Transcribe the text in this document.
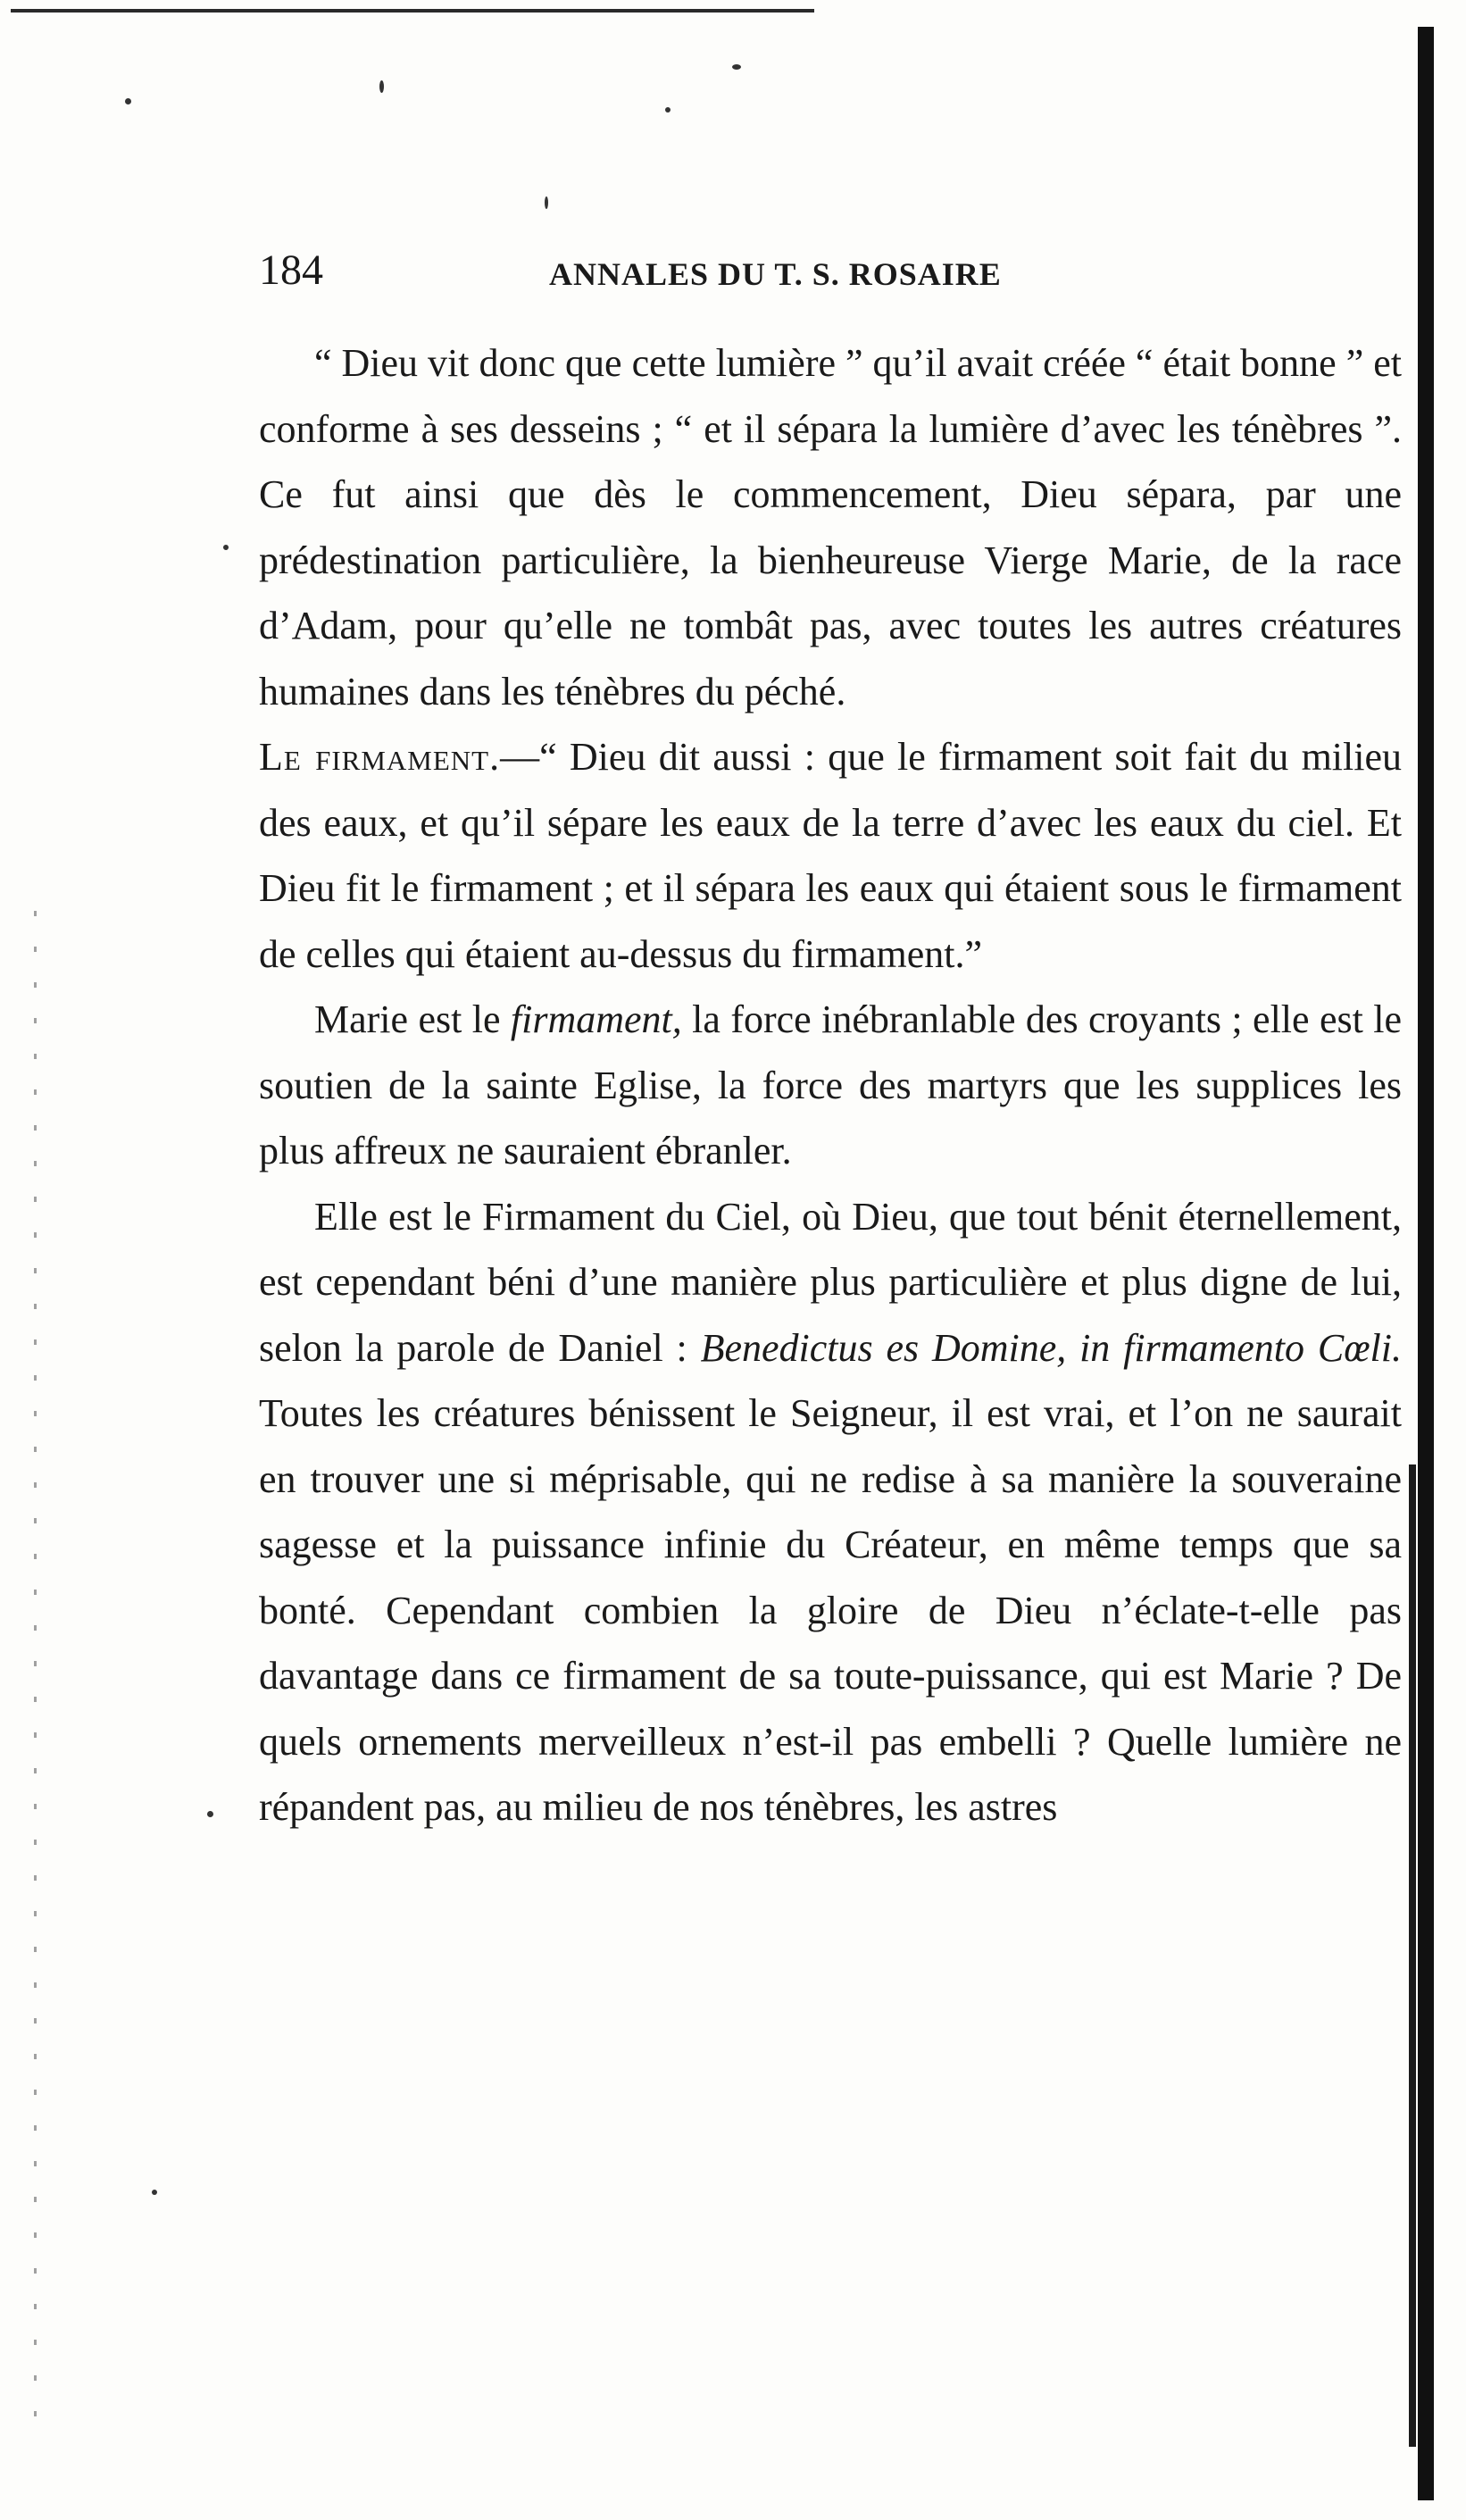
184	ANNALES DU T. S. ROSAIRE

“ Dieu vit donc que cette lumière ” qu’il avait créée “ était bonne ” et conforme à ses desseins ; “ et il sépara la lumière d’avec les ténèbres ”. Ce fut ainsi que dès le commencement, Dieu sépara, par une prédestination particulière, la bienheureuse Vierge Marie, de la race d’Adam, pour qu’elle ne tombât pas, avec toutes les autres créatures humaines dans les ténèbres du péché.

Le firmament.—“ Dieu dit aussi : que le firmament soit fait du milieu des eaux, et qu’il sépare les eaux de la terre d’avec les eaux du ciel. Et Dieu fit le firmament ; et il sépara les eaux qui étaient sous le firmament de celles qui étaient au-dessus du firmament.”

Marie est le firmament, la force inébranlable des croyants ; elle est le soutien de la sainte Eglise, la force des martyrs que les supplices les plus affreux ne sauraient ébranler.

Elle est le Firmament du Ciel, où Dieu, que tout bénit éternellement, est cependant béni d’une manière plus particulière et plus digne de lui, selon la parole de Daniel : Benedictus es Domine, in firmamento Cœli. Toutes les créatures bénissent le Seigneur, il est vrai, et l’on ne saurait en trouver une si méprisable, qui ne redise à sa manière la souveraine sagesse et la puissance infinie du Créateur, en même temps que sa bonté. Cependant combien la gloire de Dieu n’éclate-t-elle pas davantage dans ce firmament de sa toute-puissance, qui est Marie ? De quels ornements merveilleux n’est-il pas embelli ? Quelle lumière ne répandent pas, au milieu de nos ténèbres, les astres
